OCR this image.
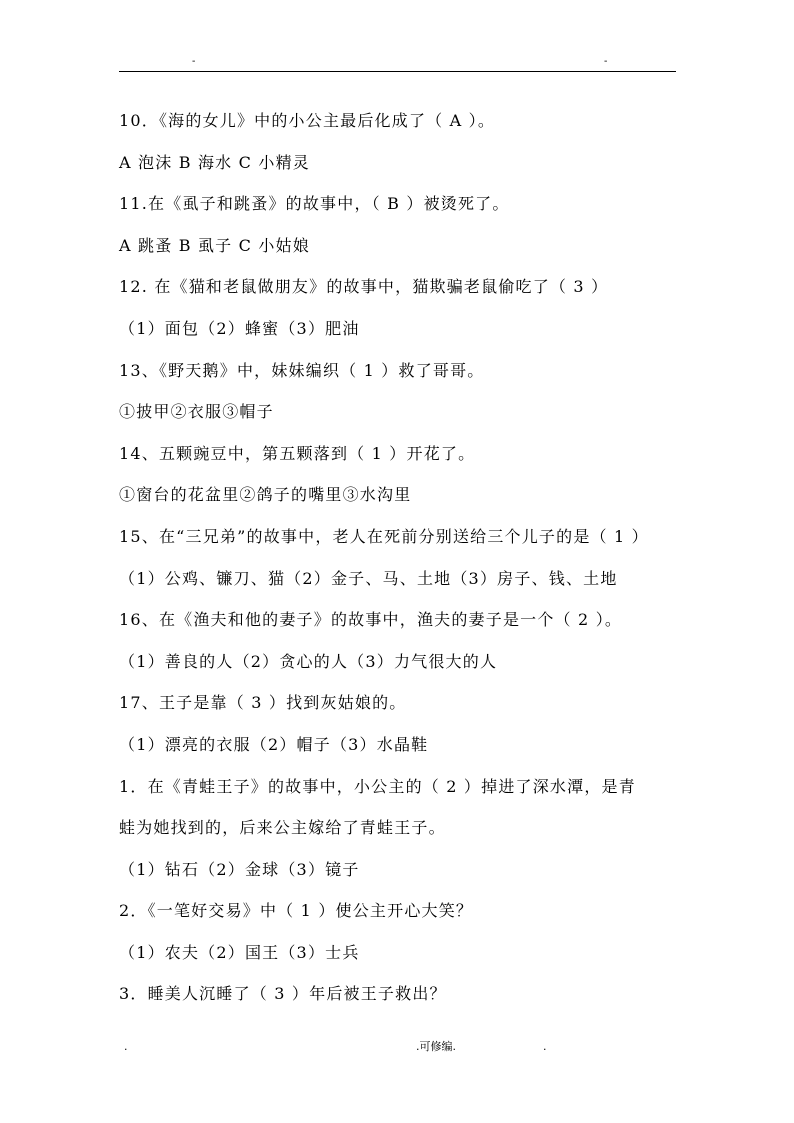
-	-
10．《海的女儿》中的小公主最后化成了（ A ）。
A 泡沫 B 海水 C 小精灵
11.在《虱子和跳蚤》的故事中，（ B ）被烫死了。
A 跳蚤 B 虱子 C 小姑娘
12. 在《猫和老鼠做朋友》的故事中，猫欺骗老鼠偷吃了（ 3 ）
（1）面包（2）蜂蜜（3）肥油
13、《野天鹅》中，妹妹编织（ 1 ）救了哥哥。
①披甲②衣服③帽子
14、五颗豌豆中，第五颗落到（ 1 ）开花了。
①窗台的花盆里②鸽子的嘴里③水沟里
15、在“三兄弟”的故事中，老人在死前分别送给三个儿子的是（ 1 ）
（1）公鸡、镰刀、猫（2）金子、马、土地（3）房子、钱、土地
16、在《渔夫和他的妻子》的故事中，渔夫的妻子是一个（ 2 ）。
（1）善良的人（2）贪心的人（3）力气很大的人
17、王子是靠（ 3 ）找到灰姑娘的。
（1）漂亮的衣服（2）帽子（3）水晶鞋
1．在《青蛙王子》的故事中，小公主的（ 2 ）掉进了深水潭，是青
蛙为她找到的，后来公主嫁给了青蛙王子。
（1）钻石（2）金球（3）镜子
2．《一笔好交易》中（ 1 ）使公主开心大笑？
（1）农夫（2）国王（3）士兵
3．睡美人沉睡了（ 3 ）年后被王子救出？
.	.可修编.	.
